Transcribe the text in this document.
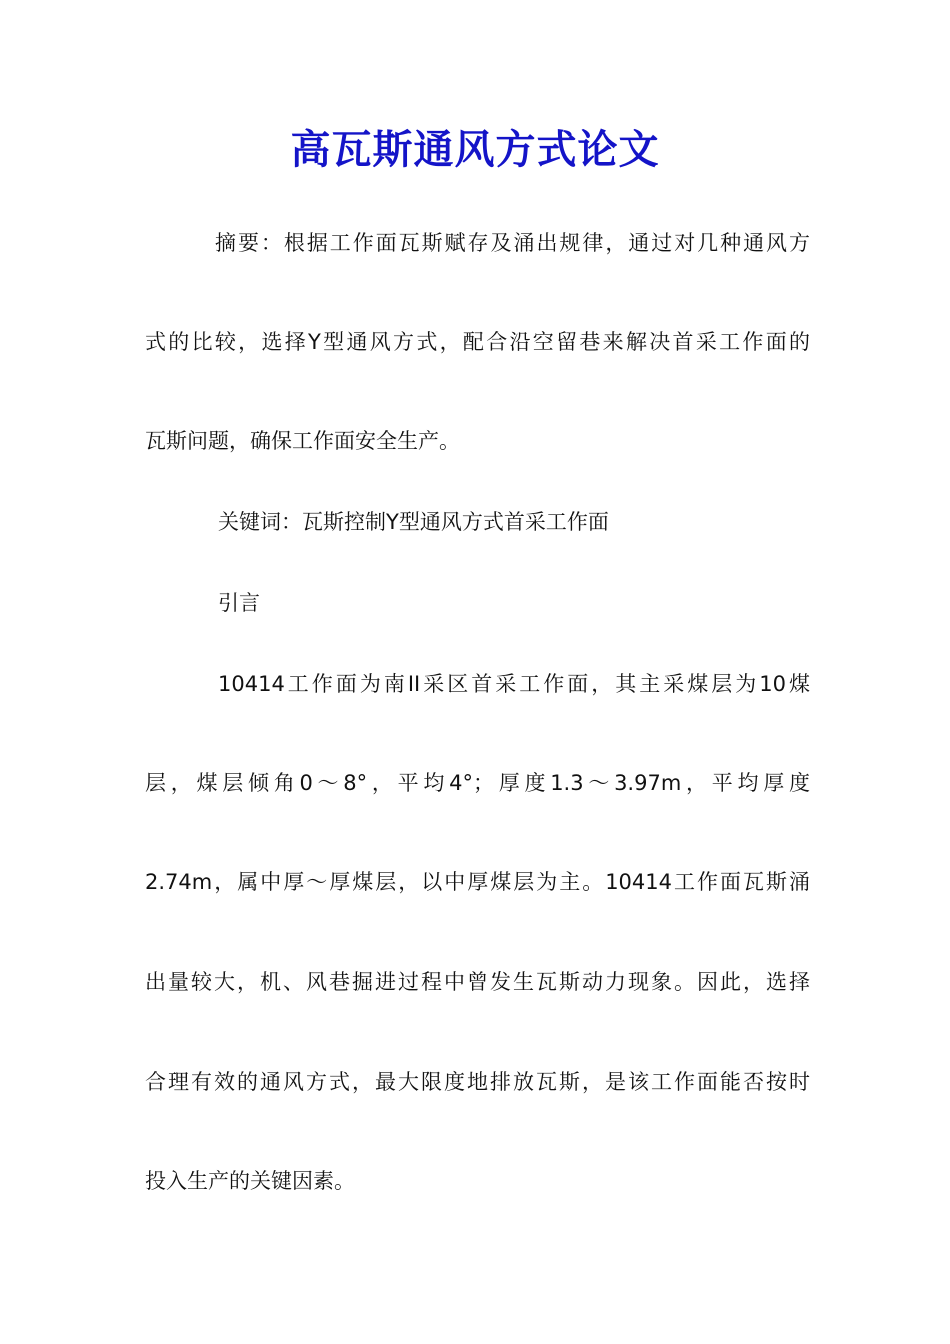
高瓦斯通风方式论文
摘要：根据工作面瓦斯赋存及涌出规律，通过对几种通风方
式的比较，选择Y型通风方式，配合沿空留巷来解决首采工作面的
瓦斯问题，确保工作面安全生产。
关键词：瓦斯控制Y型通风方式首采工作面
引言
10414工作面为南II采区首采工作面，其主采煤层为10煤
层，煤层倾角0～8°，平均4°；厚度1.3～3.97m，平均厚度
2.74m，属中厚～厚煤层，以中厚煤层为主。10414工作面瓦斯涌
出量较大，机、风巷掘进过程中曾发生瓦斯动力现象。因此，选择
合理有效的通风方式，最大限度地排放瓦斯，是该工作面能否按时
投入生产的关键因素。
